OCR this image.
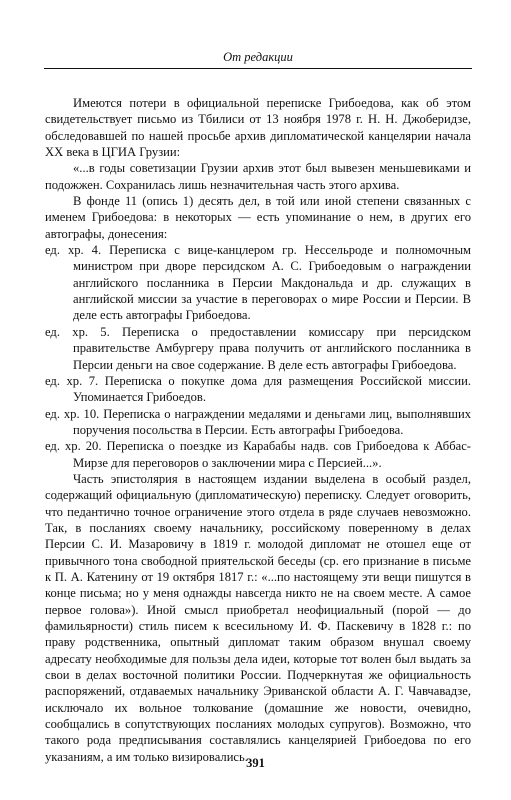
От редакции

Имеются потери в официальной переписке Грибоедова, как об этом свидетельствует письмо из Тбилиси от 13 ноября 1978 г. Н. Н. Джобеpидзе, обследовавшей по нашей просьбе архив дипломатической канцелярии начала XX века в ЦГИА Грузии:

«...в годы советизации Грузии архив этот был вывезен меньшевиками и подожжен. Сохранилась лишь незначительная часть этого архива.

В фонде 11 (опись 1) десять дел, в той или иной степени связанных с именем Грибоедова: в некоторых — есть упоминание о нем, в других его автографы, донесения:

ед. хр. 4. Переписка с вице-канцлером гр. Нессельроде и полномочным министром при дворе персидском А. С. Грибоедовым о награждении английского посланника в Персии Макдональда и др. служащих в английской миссии за участие в переговорах о мире России и Персии. В деле есть автографы Грибоедова.

ед. хр. 5. Переписка о предоставлении комиссару при персидском правительстве Амбургеру права получить от английского посланника в Персии деньги на свое содержание. В деле есть автографы Грибоедова.

ед. хр. 7. Переписка о покупке дома для размещения Российской миссии. Упоминается Грибоедов.

ед. хр. 10. Переписка о награждении медалями и деньгами лиц, выполнявших поручения посольства в Персии. Есть автографы Грибоедова.

ед. хр. 20. Переписка о поездке из Карабабы надв. сов Грибоедова к Аббас-Мирзе для переговоров о заключении мира с Персией...».

Часть эпистолярия в настоящем издании выделена в особый раздел, содержащий официальную (дипломатическую) переписку. Следует оговорить, что педантично точное ограничение этого отдела в ряде случаев невозможно. Так, в посланиях своему начальнику, российскому поверенному в делах Персии С. И. Мазаровичу в 1819 г. молодой дипломат не отошел еще от привычного тона свободной приятельской беседы (ср. его признание в письме к П. А. Катенину от 19 октября 1817 г.: «...по настоящему эти вещи пишутся в конце письма; но у меня однажды навсегда никто не на своем месте. А самое первое голова»). Иной смысл приобретал неофициальный (порой — до фамильярности) стиль писем к всесильному И. Ф. Паскевичу в 1828 г.: по праву родственника, опытный дипломат таким образом внушал своему адресату необходимые для пользы дела идеи, которые тот волен был выдать за свои в делах восточной политики России. Подчеркнутая же официальность распоряжений, отдаваемых начальнику Эриванской области А. Г. Чавчавадзе, исключало их вольное толкование (домашние же новости, очевидно, сообщались в сопутствующих посланиях молодых супругов). Возможно, что такого рода предписывания составлялись канцелярией Грибоедова по его указаниям, а им только визировались.

391
